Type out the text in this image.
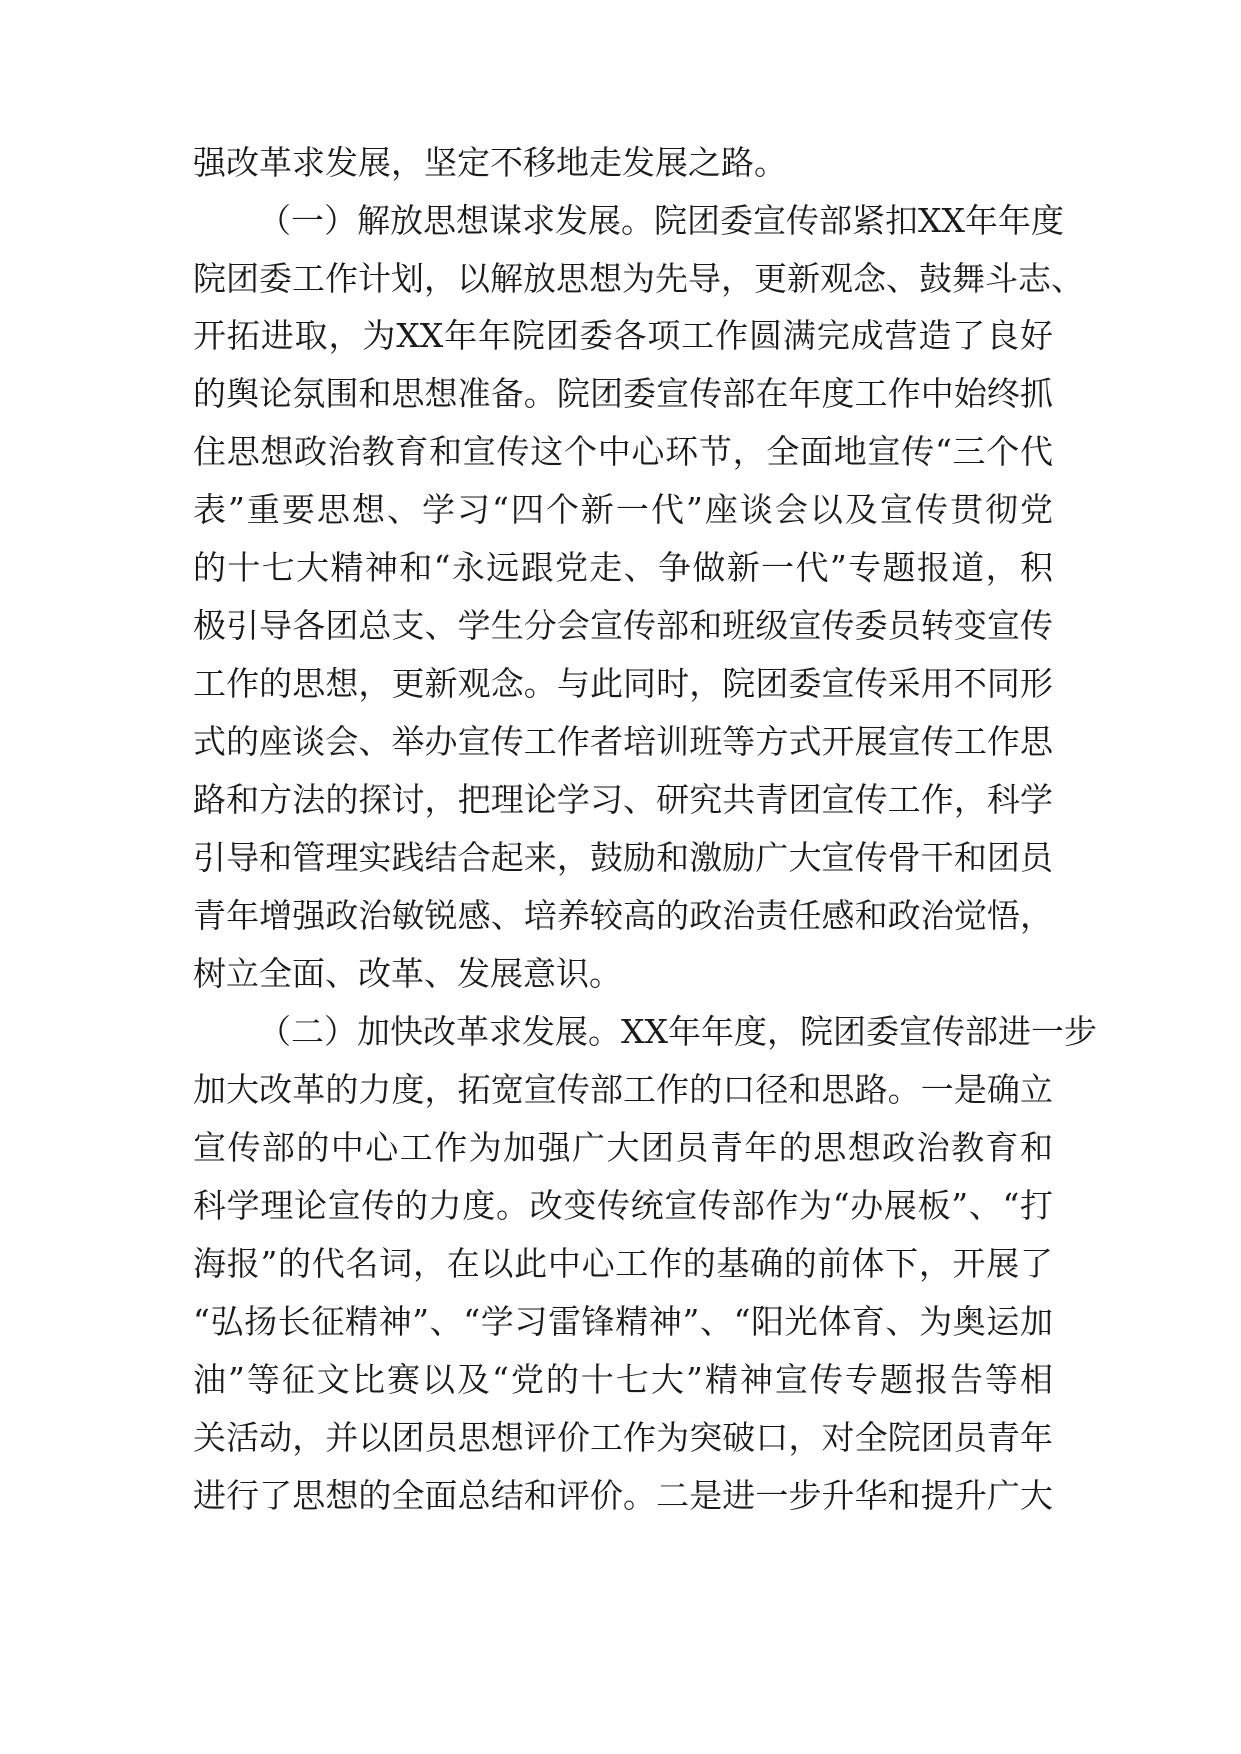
强改革求发展，坚定不移地走发展之路。
（一）解放思想谋求发展。院团委宣传部紧扣XX年年度
院团委工作计划，以解放思想为先导，更新观念、鼓舞斗志、
开拓进取，为XX年年院团委各项工作圆满完成营造了良好
的舆论氛围和思想准备。院团委宣传部在年度工作中始终抓
住思想政治教育和宣传这个中心环节，全面地宣传“三个代
表”重要思想、学习“四个新一代”座谈会以及宣传贯彻党
的十七大精神和“永远跟党走、争做新一代”专题报道，积
极引导各团总支、学生分会宣传部和班级宣传委员转变宣传
工作的思想，更新观念。与此同时，院团委宣传采用不同形
式的座谈会、举办宣传工作者培训班等方式开展宣传工作思
路和方法的探讨，把理论学习、研究共青团宣传工作，科学
引导和管理实践结合起来，鼓励和激励广大宣传骨干和团员
青年增强政治敏锐感、培养较高的政治责任感和政治觉悟，
树立全面、改革、发展意识。
（二）加快改革求发展。XX年年度，院团委宣传部进一步
加大改革的力度，拓宽宣传部工作的口径和思路。一是确立
宣传部的中心工作为加强广大团员青年的思想政治教育和
科学理论宣传的力度。改变传统宣传部作为“办展板”、“打
海报”的代名词，在以此中心工作的基确的前体下，开展了
“弘扬长征精神”、“学习雷锋精神”、“阳光体育、为奥运加
油”等征文比赛以及“党的十七大”精神宣传专题报告等相
关活动，并以团员思想评价工作为突破口，对全院团员青年
进行了思想的全面总结和评价。二是进一步升华和提升广大
